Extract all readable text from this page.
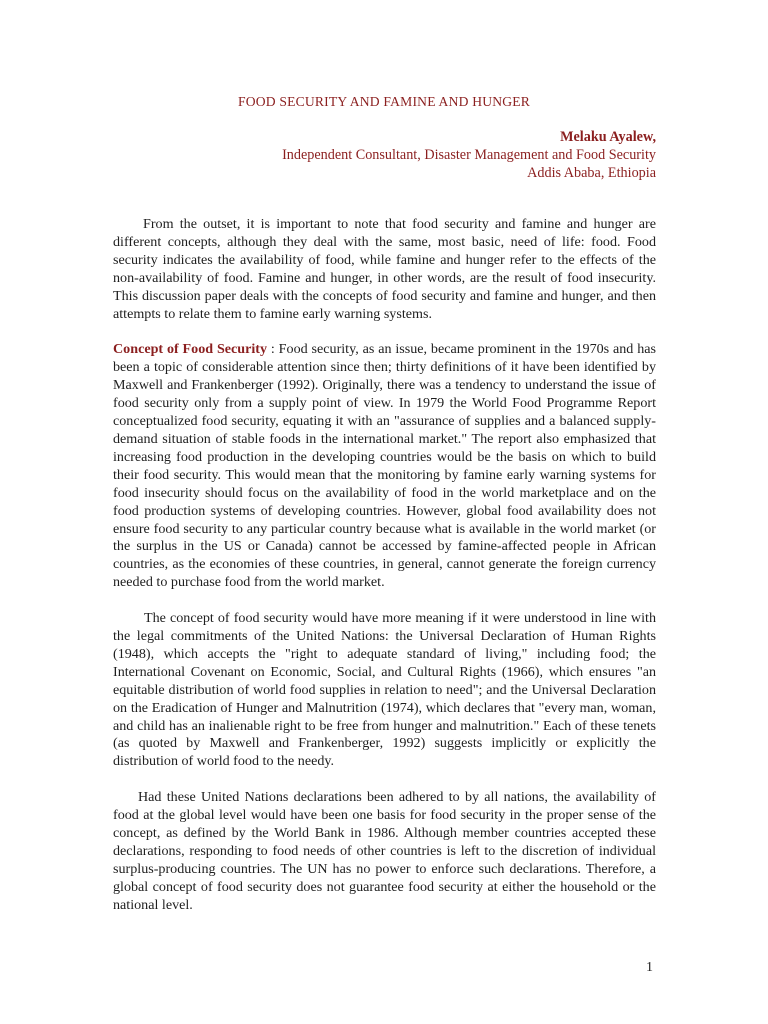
FOOD SECURITY AND FAMINE AND HUNGER
Melaku Ayalew,
Independent Consultant, Disaster Management and Food Security
Addis Ababa, Ethiopia

From the outset, it is important to note that food security and famine and hunger are different concepts, although they deal with the same, most basic, need of life: food. Food security indicates the availability of food, while famine and hunger refer to the effects of the non-availability of food. Famine and hunger, in other words, are the result of food insecurity. This discussion paper deals with the concepts of food security and famine and hunger, and then attempts to relate them to famine early warning systems.

Concept of Food Security : Food security, as an issue, became prominent in the 1970s and has been a topic of considerable attention since then; thirty definitions of it have been identified by Maxwell and Frankenberger (1992). Originally, there was a tendency to understand the issue of food security only from a supply point of view. In 1979 the World Food Programme Report conceptualized food security, equating it with an "assurance of supplies and a balanced supply-demand situation of stable foods in the international market." The report also emphasized that increasing food production in the developing countries would be the basis on which to build their food security. This would mean that the monitoring by famine early warning systems for food insecurity should focus on the availability of food in the world marketplace and on the food production systems of developing countries. However, global food availability does not ensure food security to any particular country because what is available in the world market (or the surplus in the US or Canada) cannot be accessed by famine-affected people in African countries, as the economies of these countries, in general, cannot generate the foreign currency needed to purchase food from the world market.

The concept of food security would have more meaning if it were understood in line with the legal commitments of the United Nations: the Universal Declaration of Human Rights (1948), which accepts the "right to adequate standard of living," including food; the International Covenant on Economic, Social, and Cultural Rights (1966), which ensures "an equitable distribution of world food supplies in relation to need"; and the Universal Declaration on the Eradication of Hunger and Malnutrition (1974), which declares that "every man, woman, and child has an inalienable right to be free from hunger and malnutrition." Each of these tenets (as quoted by Maxwell and Frankenberger, 1992) suggests implicitly or explicitly the distribution of world food to the needy.

Had these United Nations declarations been adhered to by all nations, the availability of food at the global level would have been one basis for food security in the proper sense of the concept, as defined by the World Bank in 1986. Although member countries accepted these declarations, responding to food needs of other countries is left to the discretion of individual surplus-producing countries. The UN has no power to enforce such declarations. Therefore, a global concept of food security does not guarantee food security at either the household or the national level.

1
